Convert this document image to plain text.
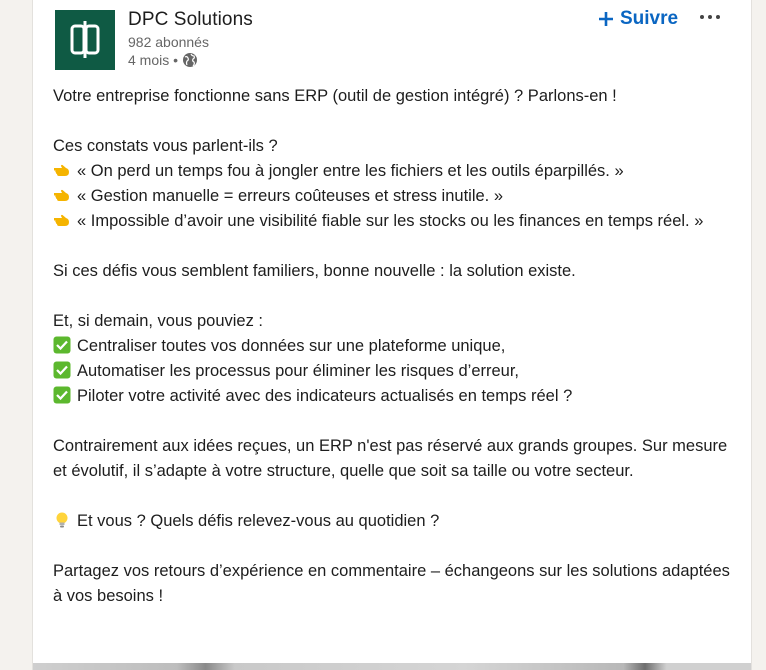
DPC Solutions
982 abonnés
4 mois •
Suivre
Votre entreprise fonctionne sans ERP (outil de gestion intégré) ? Parlons-en !
Ces constats vous parlent-ils ?
« On perd un temps fou à jongler entre les fichiers et les outils éparpillés. »
« Gestion manuelle = erreurs coûteuses et stress inutile. »
« Impossible d’avoir une visibilité fiable sur les stocks ou les finances en temps réel. »
Si ces défis vous semblent familiers, bonne nouvelle : la solution existe.
Et, si demain, vous pouviez :
Centraliser toutes vos données sur une plateforme unique,
Automatiser les processus pour éliminer les risques d’erreur,
Piloter votre activité avec des indicateurs actualisés en temps réel ?
Contrairement aux idées reçues, un ERP n'est pas réservé aux grands groupes. Sur mesure et évolutif, il s’adapte à votre structure, quelle que soit sa taille ou votre secteur.
Et vous ? Quels défis relevez-vous au quotidien ?
Partagez vos retours d’expérience en commentaire – échangeons sur les solutions adaptées à vos besoins !
